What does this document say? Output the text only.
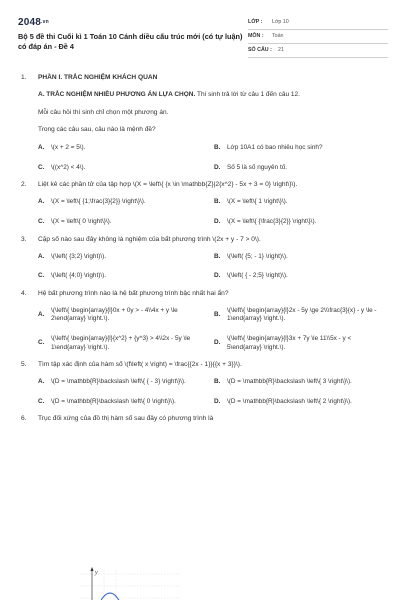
2048.vn
Bộ 5 đề thi Cuối kì 1 Toán 10 Cánh diều cấu trúc mới (có tự luận) có đáp án - Đề 4
LỚP : Lớp 10
MÔN : Toán
SỐ CÂU : 21
1.	PHẦN I. TRẮC NGHIỆM KHÁCH QUAN
A. TRẮC NGHIỆM NHIỀU PHƯƠNG ÁN LỰA CHỌN. Thí sinh trả lời từ câu 1 đến câu 12.
Mỗi câu hỏi thí sinh chỉ chọn một phương án.
Trong các câu sau, câu nào là mệnh đề?
A.	\(x + 2 = 5\).	B.	Lớp 10A1 có bao nhiêu học sinh?
C.	\((x^2) < 4\).	D.	Số 5 là số nguyên tố.
2.	Liệt kê các phần tử của tập hợp \(X = \left\{ {x \in \mathbb{Z}|2{x^2} - 5x + 3 = 0} \right\}\).
A.	\(X = \left\{ {1;\frac{3}{2}} \right\}\).	B.	\(X = \left\{ 1 \right\}\).
C.	\(X = \left\{ 0 \right\}\).	D.	\(X = \left\{ {\frac{3}{2}} \right\}\).
3.	Cặp số nào sau đây không là nghiệm của bất phương trình \(2x + y - 7 > 0\).
A.	\(\left( {3;2} \right)\).	B.	\(\left( {5; - 1} \right)\).
C.	\(\left( {4;0} \right)\).	D.	\(\left( { - 2;5} \right)\).
4.	Hệ bất phương trình nào là hệ bất phương trình bậc nhất hai ẩn?
A.
\(\left\{ \begin{array}{l}0x + 0y > - 4\\4x + y \le 2\end{array} \right.\).
B.
\(\left\{ \begin{array}{l}2x - 5y \ge 2\\\frac{3}{x} - y \le - 1\end{array} \right.\).
C.
\(\left\{ \begin{array}{l}{x^2} + {y^3} > 4\\2x - 5y \le 1\end{array} \right.\).
D.
\(\left\{ \begin{array}{l}3x + 7y \le 11\\5x - y < 5\end{array} \right.\).
5.	Tìm tập xác định của hàm số \(f\left( x \right) = \frac{{2x - 1}}{{x + 3}}\).
A.	\(D = \mathbb{R}\backslash \left\{ { - 3} \right\}\).	B.	\(D = \mathbb{R}\backslash \left\{ 3 \right\}\).
C.	\(D = \mathbb{R}\backslash \left\{ 0 \right\}\).	D.	\(D = \mathbb{R}\backslash \left\{ 2 \right\}\).
6.	Trục đối xứng của đồ thị hàm số sau đây có phương trình là
y
